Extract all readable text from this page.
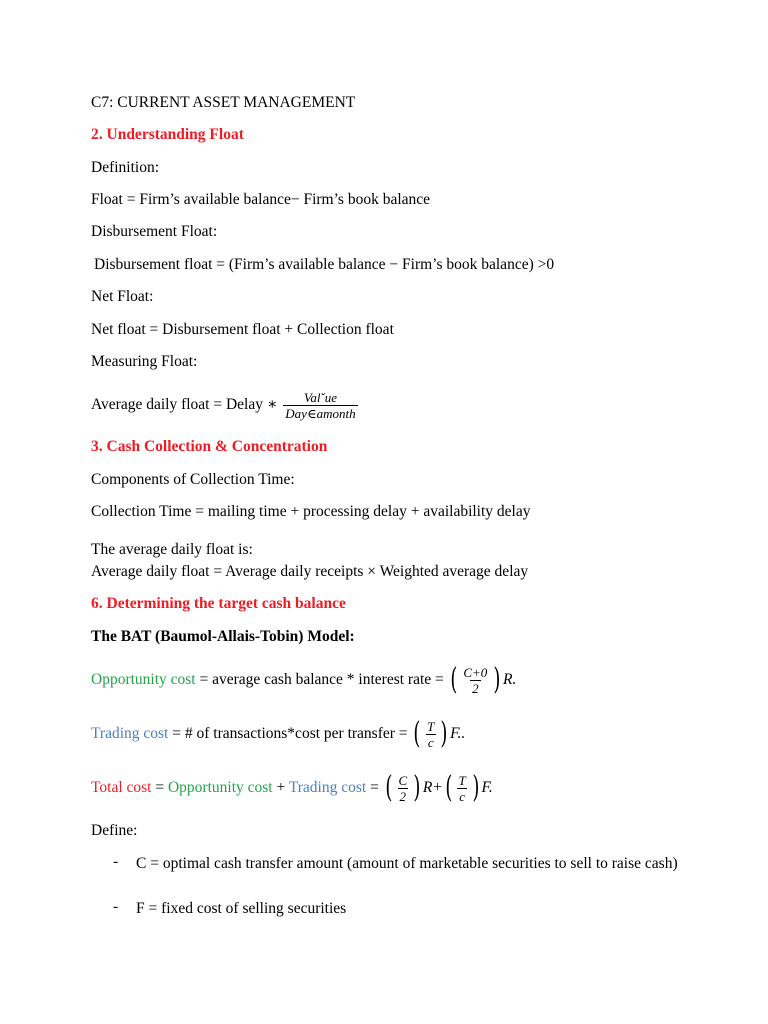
C7: CURRENT ASSET MANAGEMENT
2. Understanding Float
Definition:
Float = Firm’s available balance− Firm’s book balance
Disbursement Float:
Disbursement float = (Firm’s available balance − Firm’s book balance) >0
Net Float:
Net float = Disbursement float + Collection float
Measuring Float:
Average daily float = Delay ∗ $\frac{\text{Valˇue}}{\text{Day∈amonth}}$
3. Cash Collection & Concentration
Components of Collection Time:
Collection Time = mailing time + processing delay + availability delay
The average daily float is:
Average daily float = Average daily receipts × Weighted average delay
6. Determining the target cash balance
The BAT (Baumol-Allais-Tobin) Model:
Opportunity cost = average cash balance * interest rate = ( $\frac{C+0}{2}$ ) R.
Trading cost = # of transactions*cost per transfer = ( $\frac{T}{c}$ ) F..
Total cost = Opportunity cost + Trading cost = ( $\frac{C}{2}$ ) R+ ( $\frac{T}{c}$ ) F.
Define:
- C = optimal cash transfer amount (amount of marketable securities to sell to raise cash)
- F = fixed cost of selling securities
